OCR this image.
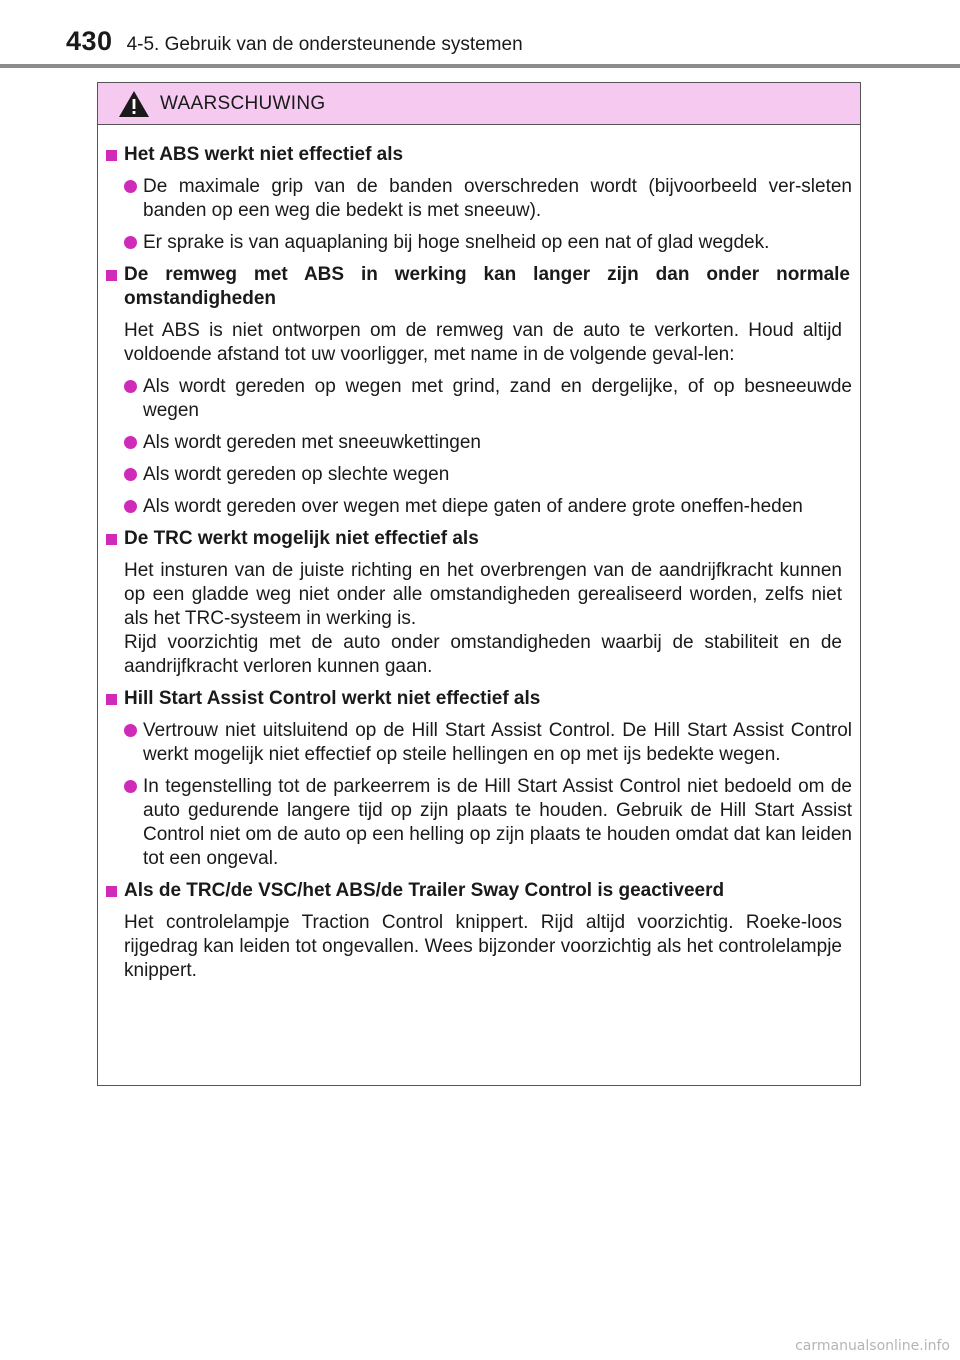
430 4-5. Gebruik van de ondersteunende systemen
WAARSCHUWING
Het ABS werkt niet effectief als
De maximale grip van de banden overschreden wordt (bijvoorbeeld ver-sleten banden op een weg die bedekt is met sneeuw).
Er sprake is van aquaplaning bij hoge snelheid op een nat of glad wegdek.
De remweg met ABS in werking kan langer zijn dan onder normale omstandigheden
Het ABS is niet ontworpen om de remweg van de auto te verkorten. Houd altijd voldoende afstand tot uw voorligger, met name in de volgende geval-len:
Als wordt gereden op wegen met grind, zand en dergelijke, of op besneeuwde wegen
Als wordt gereden met sneeuwkettingen
Als wordt gereden op slechte wegen
Als wordt gereden over wegen met diepe gaten of andere grote oneffen-heden
De TRC werkt mogelijk niet effectief als
Het insturen van de juiste richting en het overbrengen van de aandrijfkracht kunnen op een gladde weg niet onder alle omstandigheden gerealiseerd worden, zelfs niet als het TRC-systeem in werking is.
Rijd voorzichtig met de auto onder omstandigheden waarbij de stabiliteit en de aandrijfkracht verloren kunnen gaan.
Hill Start Assist Control werkt niet effectief als
Vertrouw niet uitsluitend op de Hill Start Assist Control. De Hill Start Assist Control werkt mogelijk niet effectief op steile hellingen en op met ijs bedekte wegen.
In tegenstelling tot de parkeerrem is de Hill Start Assist Control niet bedoeld om de auto gedurende langere tijd op zijn plaats te houden. Gebruik de Hill Start Assist Control niet om de auto op een helling op zijn plaats te houden omdat dat kan leiden tot een ongeval.
Als de TRC/de VSC/het ABS/de Trailer Sway Control is geactiveerd
Het controlelampje Traction Control knippert. Rijd altijd voorzichtig. Roeke-loos rijgedrag kan leiden tot ongevallen. Wees bijzonder voorzichtig als het controlelampje knippert.
carmanualsonline.info
